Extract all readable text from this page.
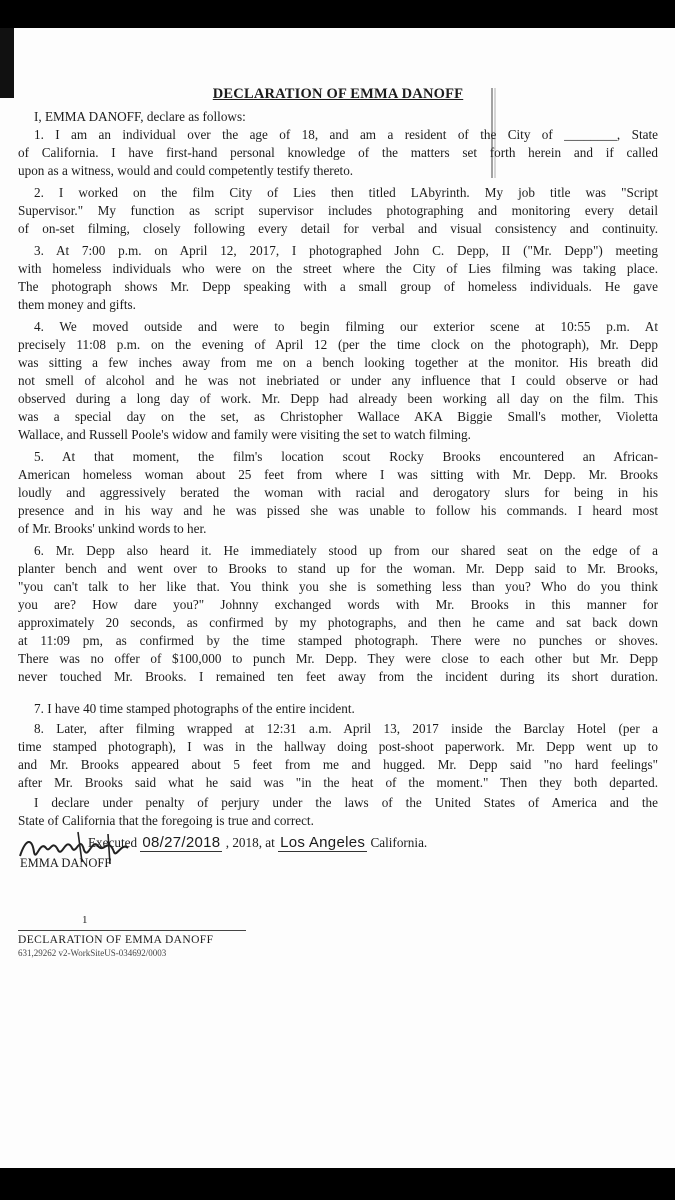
DECLARATION OF EMMA DANOFF
I, EMMA DANOFF, declare as follows:
1. I am an individual over the age of 18, and am a resident of the City of ________, State
of California. I have first-hand personal knowledge of the matters set forth herein and if called
upon as a witness, would and could competently testify thereto.
2. I worked on the film City of Lies then titled LAbyrinth. My job title was "Script
Supervisor." My function as script supervisor includes photographing and monitoring every detail
of on-set filming, closely following every detail for verbal and visual consistency and continuity.
3. At 7:00 p.m. on April 12, 2017, I photographed John C. Depp, II ("Mr. Depp") meeting
with homeless individuals who were on the street where the City of Lies filming was taking place.
The photograph shows Mr. Depp speaking with a small group of homeless individuals. He gave
them money and gifts.
4. We moved outside and were to begin filming our exterior scene at 10:55 p.m. At
precisely 11:08 p.m. on the evening of April 12 (per the time clock on the photograph), Mr. Depp
was sitting a few inches away from me on a bench looking together at the monitor. His breath did
not smell of alcohol and he was not inebriated or under any influence that I could observe or had
observed during a long day of work. Mr. Depp had already been working all day on the film. This
was a special day on the set, as Christopher Wallace AKA Biggie Small's mother, Violetta
Wallace, and Russell Poole's widow and family were visiting the set to watch filming.
5. At that moment, the film's location scout Rocky Brooks encountered an African-
American homeless woman about 25 feet from where I was sitting with Mr. Depp. Mr. Brooks
loudly and aggressively berated the woman with racial and derogatory slurs for being in his
presence and in his way and he was pissed she was unable to follow his commands. I heard most
of Mr. Brooks' unkind words to her.
6. Mr. Depp also heard it. He immediately stood up from our shared seat on the edge of a
planter bench and went over to Brooks to stand up for the woman. Mr. Depp said to Mr. Brooks,
"you can't talk to her like that. You think you she is something less than you? Who do you think
you are? How dare you?" Johnny exchanged words with Mr. Brooks in this manner for
approximately 20 seconds, as confirmed by my photographs, and then he came and sat back down
at 11:09 pm, as confirmed by the time stamped photograph. There were no punches or shoves.
There was no offer of $100,000 to punch Mr. Depp. They were close to each other but Mr. Depp
never touched Mr. Brooks. I remained ten feet away from the incident during its short duration.
7. I have 40 time stamped photographs of the entire incident.
8. Later, after filming wrapped at 12:31 a.m. April 13, 2017 inside the Barclay Hotel (per a
time stamped photograph), I was in the hallway doing post-shoot paperwork. Mr. Depp went up to
and Mr. Brooks appeared about 5 feet from me and hugged. Mr. Depp said "no hard feelings"
after Mr. Brooks said what he said was "in the heat of the moment." Then they both departed.
I declare under penalty of perjury under the laws of the United States of America and the
State of California that the foregoing is true and correct.
Executed 08/27/2018 , 2018, at Los Angeles California.
EMMA DANOFF
1
DECLARATION OF EMMA DANOFF
631,29262 v2-WorkSiteUS-034692/0003
